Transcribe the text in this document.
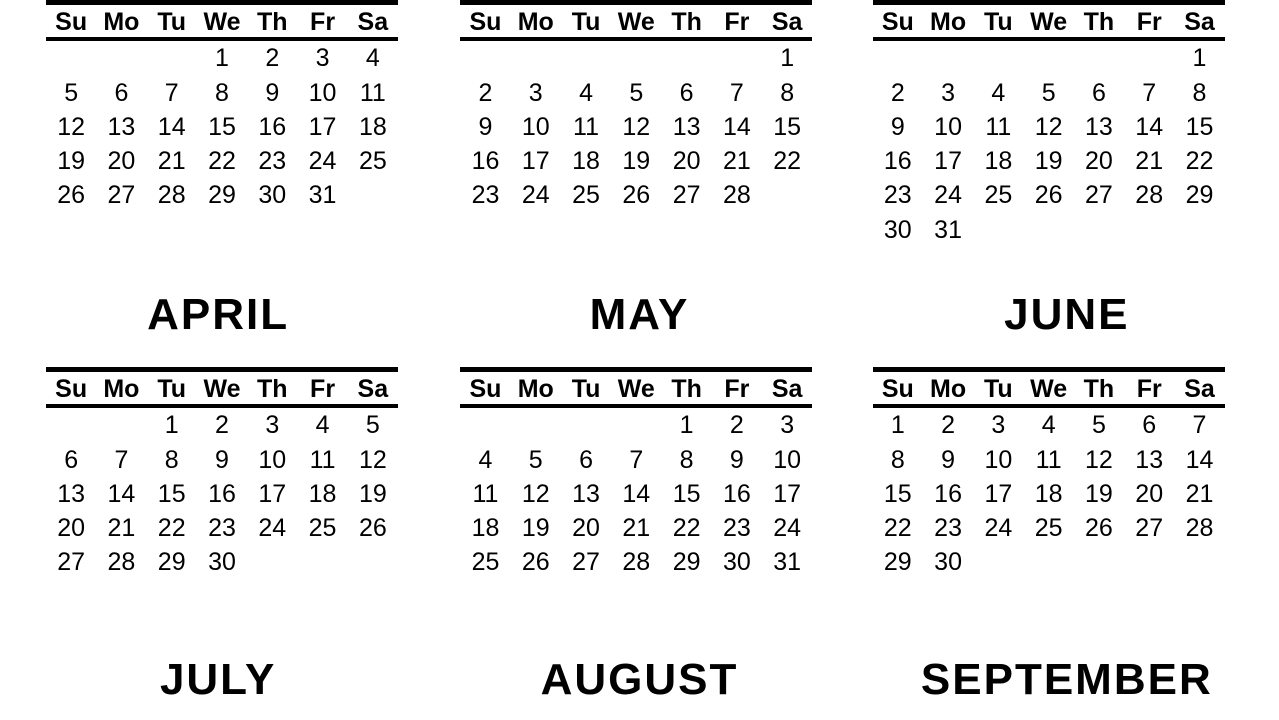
Su	Mo	Tu	We	Th	Fr	Sa
			1	2	3	4
5	6	7	8	9	10	11
12	13	14	15	16	17	18
19	20	21	22	23	24	25
26	27	28	29	30	31	
Su	Mo	Tu	We	Th	Fr	Sa
						1
2	3	4	5	6	7	8
9	10	11	12	13	14	15
16	17	18	19	20	21	22
23	24	25	26	27	28	
Su	Mo	Tu	We	Th	Fr	Sa
						1
2	3	4	5	6	7	8
9	10	11	12	13	14	15
16	17	18	19	20	21	22
23	24	25	26	27	28	29
30	31					
APRIL	MAY	JUNE
Su	Mo	Tu	We	Th	Fr	Sa
		1	2	3	4	5
6	7	8	9	10	11	12
13	14	15	16	17	18	19
20	21	22	23	24	25	26
27	28	29	30			
Su	Mo	Tu	We	Th	Fr	Sa
				1	2	3
4	5	6	7	8	9	10
11	12	13	14	15	16	17
18	19	20	21	22	23	24
25	26	27	28	29	30	31
Su	Mo	Tu	We	Th	Fr	Sa
1	2	3	4	5	6	7
8	9	10	11	12	13	14
15	16	17	18	19	20	21
22	23	24	25	26	27	28
29	30					
JULY	AUGUST	SEPTEMBER
